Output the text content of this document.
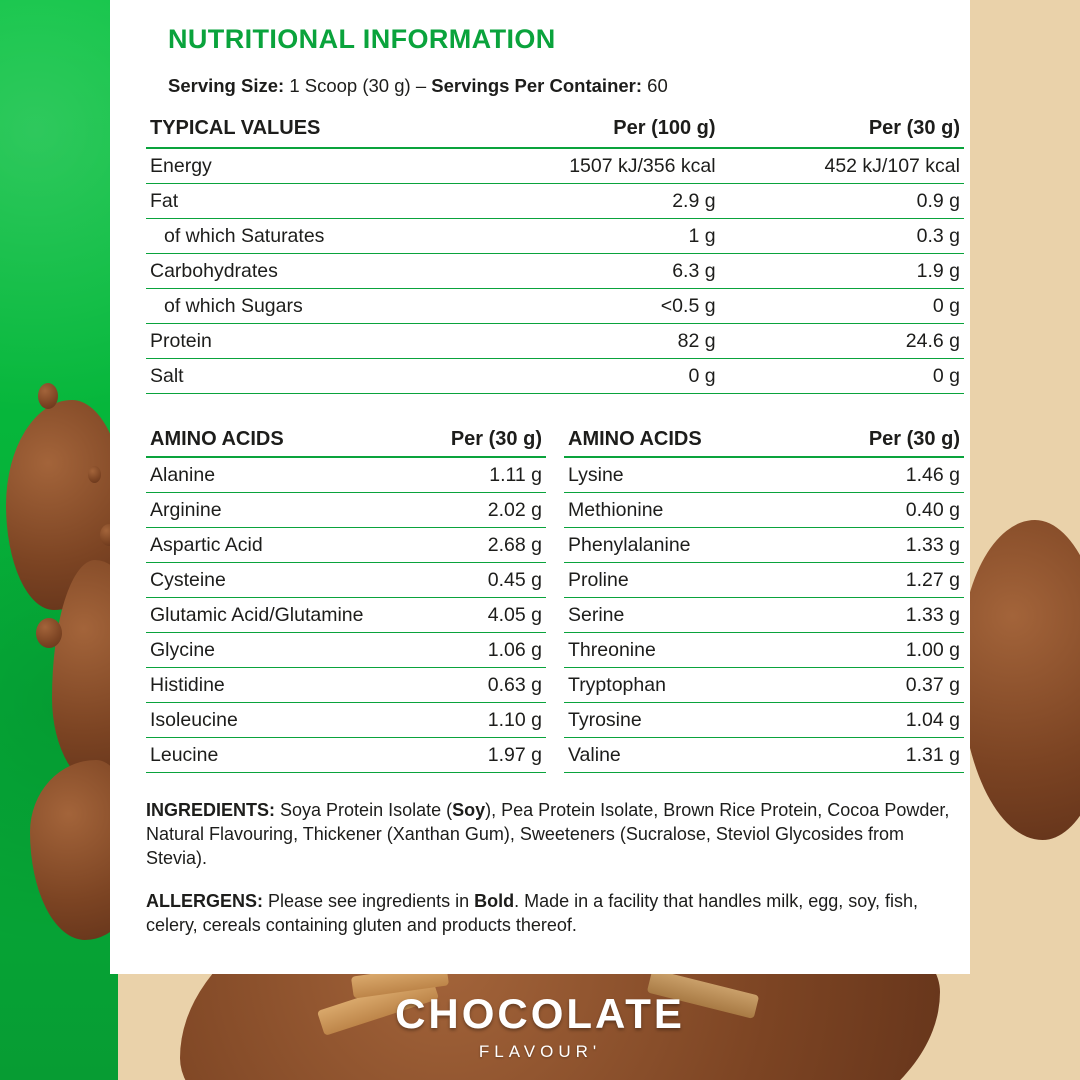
NUTRITIONAL INFORMATION
Serving Size: 1 Scoop (30 g) – Servings Per Container: 60
TYPICAL VALUES	Per (100 g)	Per (30 g)
Energy	1507 kJ/356 kcal	452 kJ/107 kcal
Fat	2.9 g	0.9 g
of which Saturates	1 g	0.3 g
Carbohydrates	6.3 g	1.9 g
of which Sugars	<0.5 g	0 g
Protein	82 g	24.6 g
Salt	0 g	0 g
AMINO ACIDS	Per (30 g)
Alanine	1.11 g
Arginine	2.02 g
Aspartic Acid	2.68 g
Cysteine	0.45 g
Glutamic Acid/Glutamine	4.05 g
Glycine	1.06 g
Histidine	0.63 g
Isoleucine	1.10 g
Leucine	1.97 g
AMINO ACIDS	Per (30 g)
Lysine	1.46 g
Methionine	0.40 g
Phenylalanine	1.33 g
Proline	1.27 g
Serine	1.33 g
Threonine	1.00 g
Tryptophan	0.37 g
Tyrosine	1.04 g
Valine	1.31 g

INGREDIENTS: Soya Protein Isolate (Soy), Pea Protein Isolate, Brown Rice Protein, Cocoa Powder, Natural Flavouring, Thickener (Xanthan Gum), Sweeteners (Sucralose, Steviol Glycosides from Stevia).

ALLERGENS: Please see ingredients in Bold. Made in a facility that handles milk, egg, soy, fish, celery, cereals containing gluten and products thereof.

CHOCOLATE
FLAVOUR'
